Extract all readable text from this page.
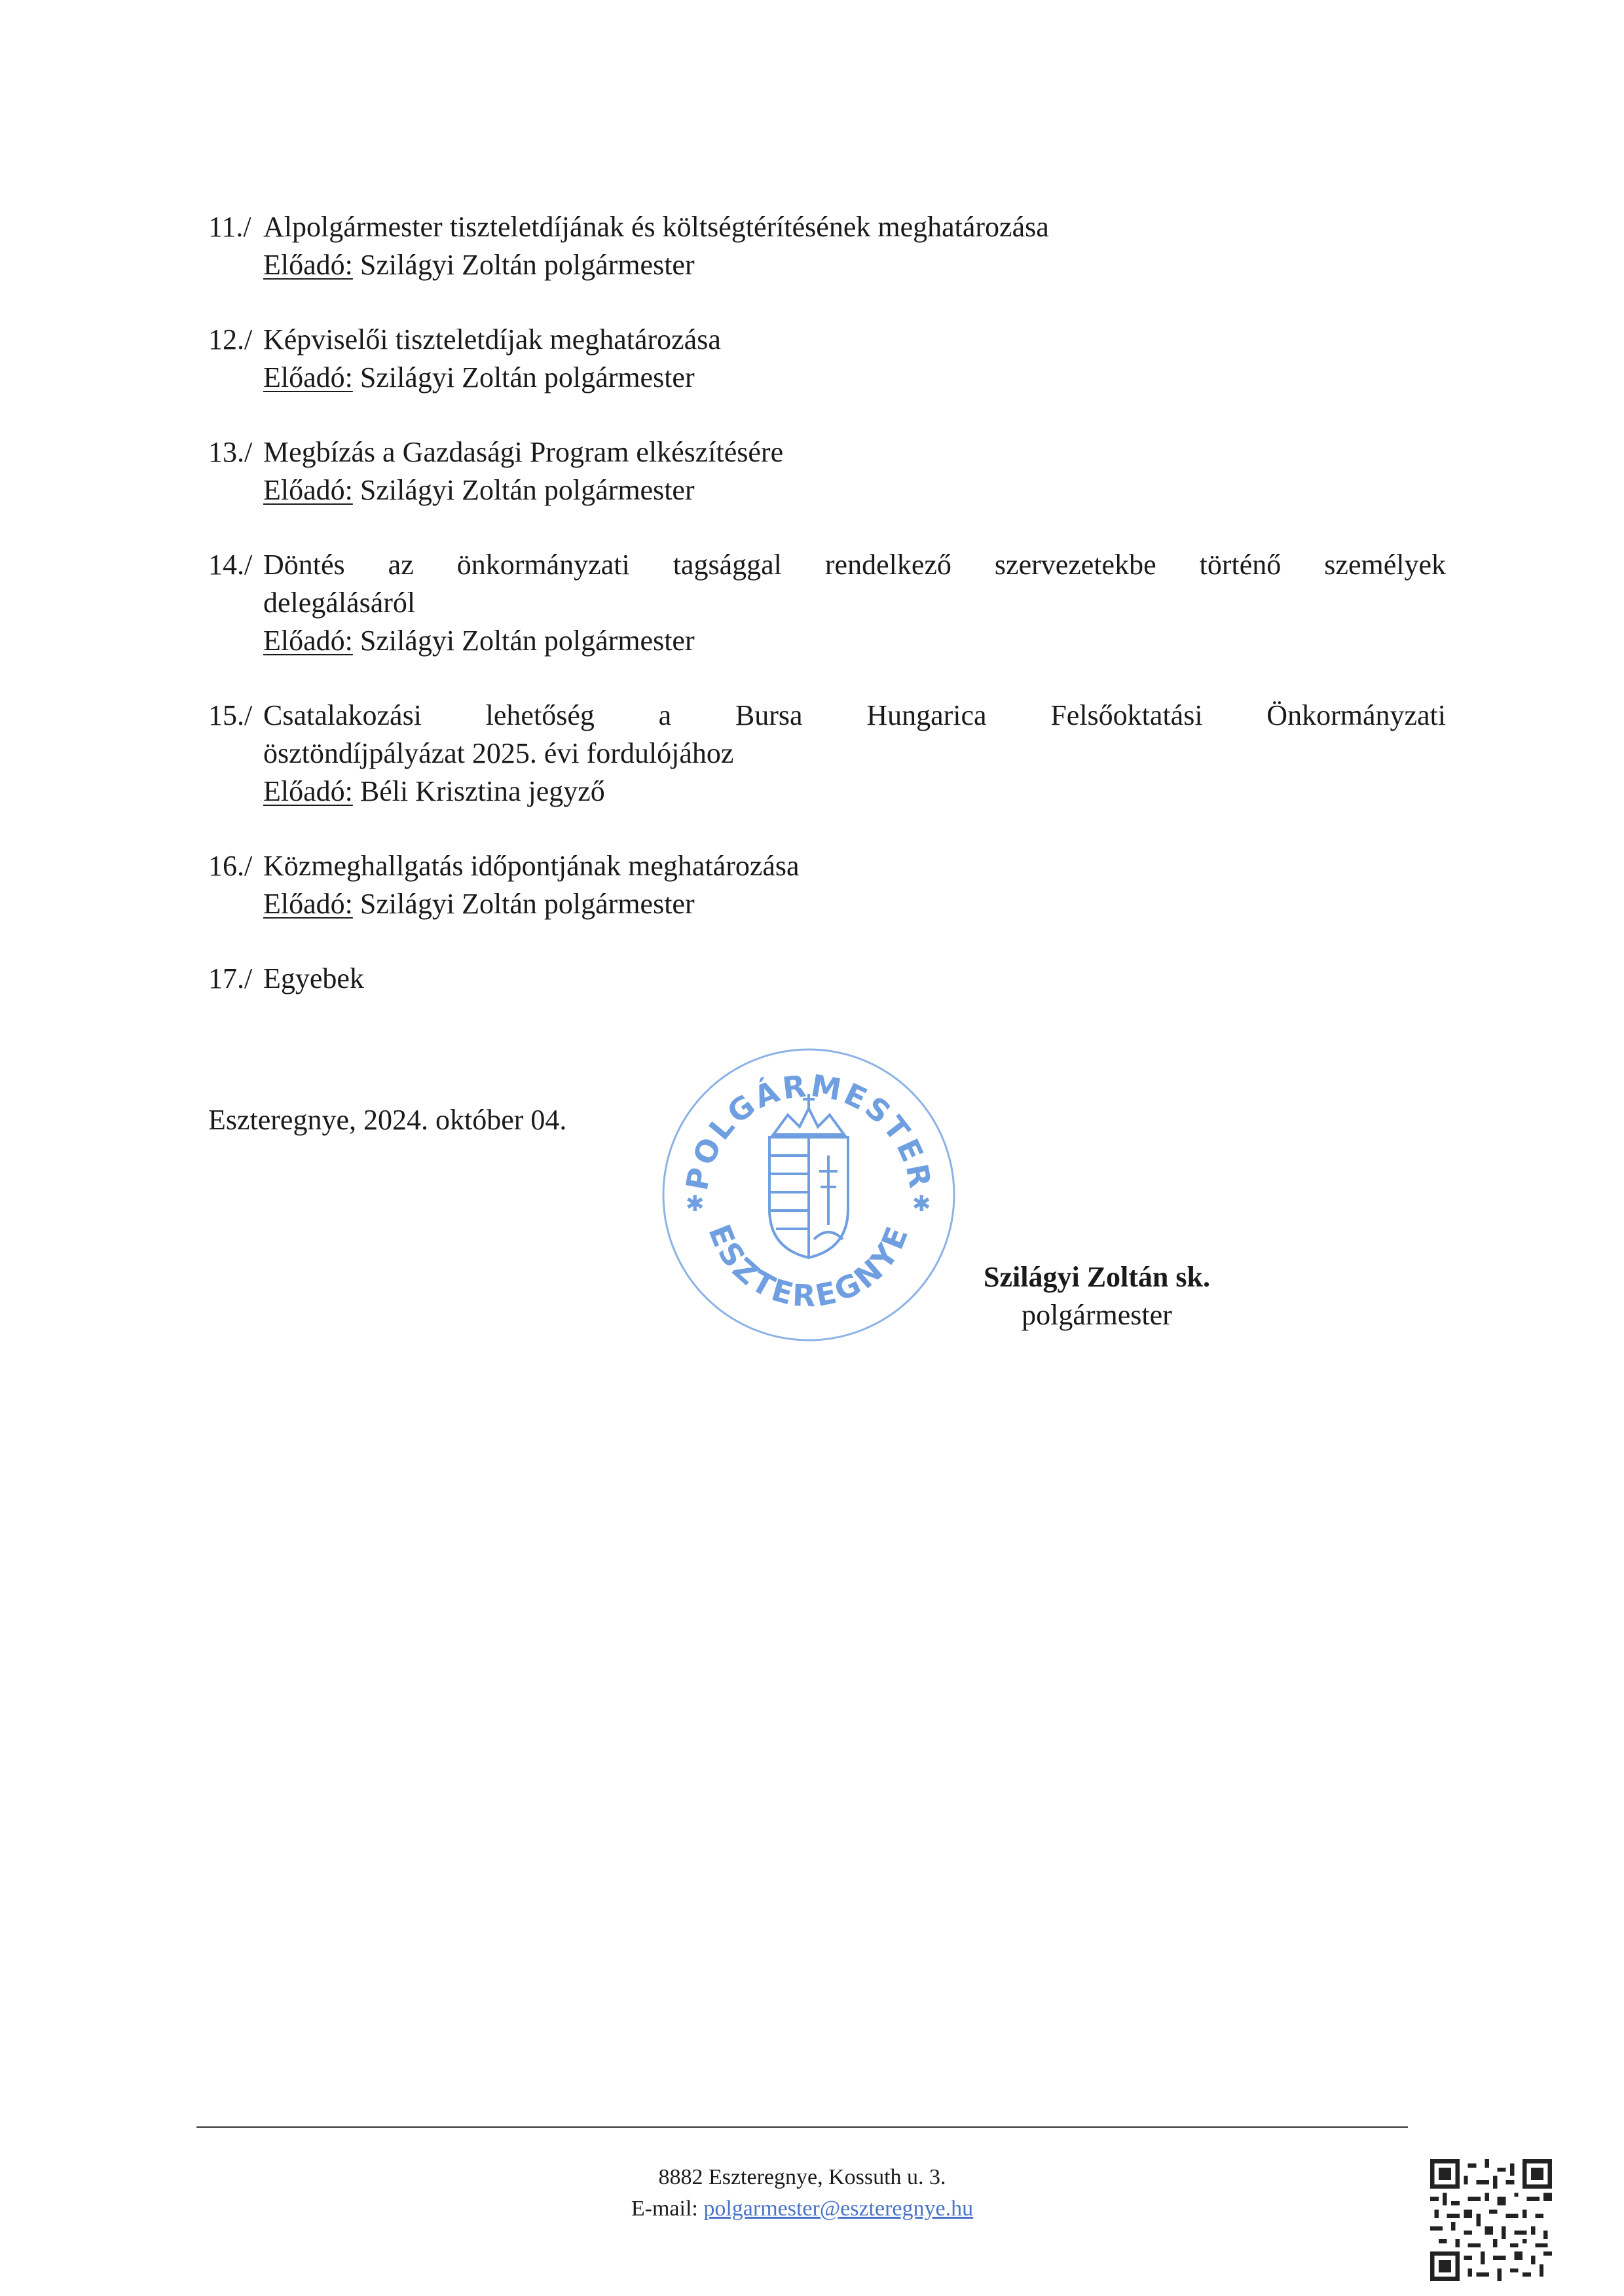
11./ Alpolgármester tiszteletdíjának és költségtérítésének meghatározása
Előadó: Szilágyi Zoltán polgármester
12./ Képviselői tiszteletdíjak meghatározása
Előadó: Szilágyi Zoltán polgármester
13./ Megbízás a Gazdasági Program elkészítésére
Előadó: Szilágyi Zoltán polgármester
14./ Döntés az önkormányzati tagsággal rendelkező szervezetekbe történő személyek
delegálásáról
Előadó: Szilágyi Zoltán polgármester
15./ Csatalakozási lehetőség a Bursa Hungarica Felsőoktatási Önkormányzati
ösztöndíjpályázat 2025. évi fordulójához
Előadó: Béli Krisztina jegyző
16./ Közmeghallgatás időpontjának meghatározása
Előadó: Szilágyi Zoltán polgármester
17./ Egyebek
Eszteregnye, 2024. október 04.
POLGÁRMESTER
ESZTEREGNYE
✱	✱
Szilágyi Zoltán sk.
polgármester
8882 Eszteregnye, Kossuth u. 3.
E-mail: polgarmester@eszteregnye.hu
